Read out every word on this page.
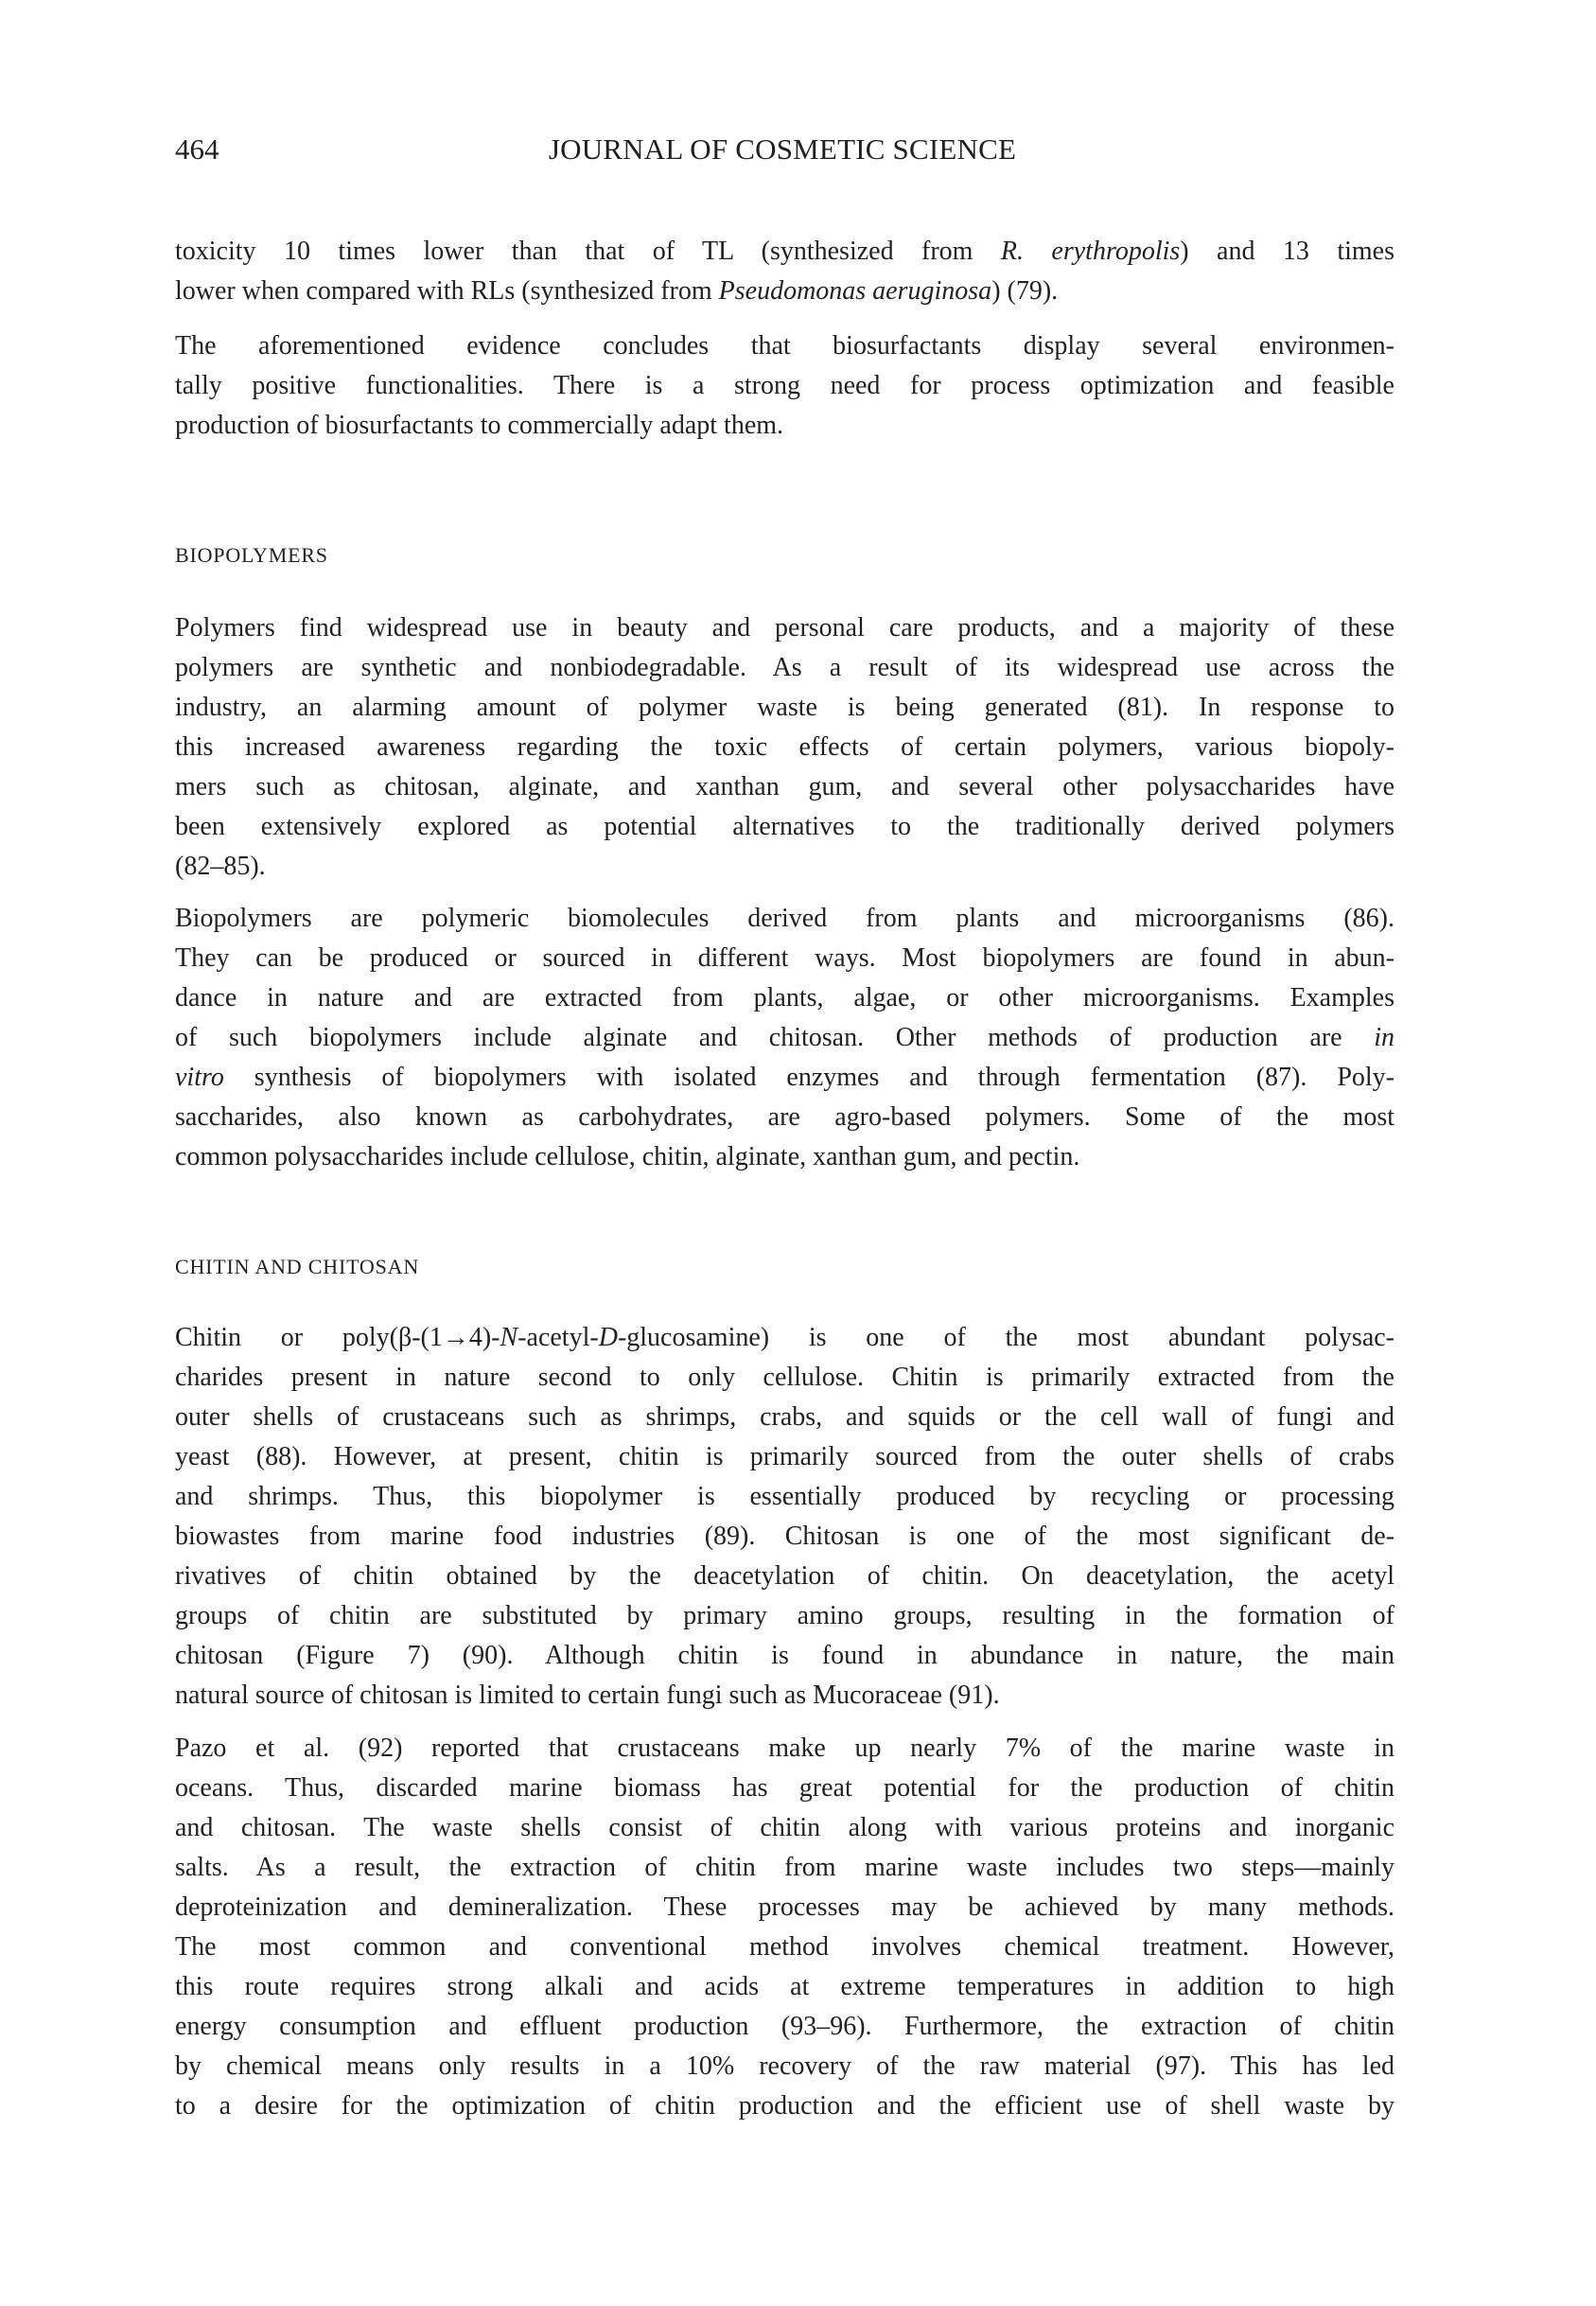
464	JOURNAL OF COSMETIC SCIENCE
toxicity 10 times lower than that of TL (synthesized from R. erythropolis) and 13 times
lower when compared with RLs (synthesized from Pseudomonas aeruginosa) (79).
The aforementioned evidence concludes that biosurfactants display several environmen-
tally positive functionalities. There is a strong need for process optimization and feasible
production of biosurfactants to commercially adapt them.
BIOPOLYMERS
Polymers find widespread use in beauty and personal care products, and a majority of these
polymers are synthetic and nonbiodegradable. As a result of its widespread use across the
industry, an alarming amount of polymer waste is being generated (81). In response to
this increased awareness regarding the toxic effects of certain polymers, various biopoly-
mers such as chitosan, alginate, and xanthan gum, and several other polysaccharides have
been extensively explored as potential alternatives to the traditionally derived polymers
(82–85).
Biopolymers are polymeric biomolecules derived from plants and microorganisms (86).
They can be produced or sourced in different ways. Most biopolymers are found in abun-
dance in nature and are extracted from plants, algae, or other microorganisms. Examples
of such biopolymers include alginate and chitosan. Other methods of production are in
vitro synthesis of biopolymers with isolated enzymes and through fermentation (87). Poly-
saccharides, also known as carbohydrates, are agro-based polymers. Some of the most
common polysaccharides include cellulose, chitin, alginate, xanthan gum, and pectin.
CHITIN AND CHITOSAN
Chitin or poly(β-(1→4)-N-acetyl-D-glucosamine) is one of the most abundant polysac-
charides present in nature second to only cellulose. Chitin is primarily extracted from the
outer shells of crustaceans such as shrimps, crabs, and squids or the cell wall of fungi and
yeast (88). However, at present, chitin is primarily sourced from the outer shells of crabs
and shrimps. Thus, this biopolymer is essentially produced by recycling or processing
biowastes from marine food industries (89). Chitosan is one of the most significant de-
rivatives of chitin obtained by the deacetylation of chitin. On deacetylation, the acetyl
groups of chitin are substituted by primary amino groups, resulting in the formation of
chitosan (Figure 7) (90). Although chitin is found in abundance in nature, the main
natural source of chitosan is limited to certain fungi such as Mucoraceae (91).
Pazo et al. (92) reported that crustaceans make up nearly 7% of the marine waste in
oceans. Thus, discarded marine biomass has great potential for the production of chitin
and chitosan. The waste shells consist of chitin along with various proteins and inorganic
salts. As a result, the extraction of chitin from marine waste includes two steps—mainly
deproteinization and demineralization. These processes may be achieved by many methods.
The most common and conventional method involves chemical treatment. However,
this route requires strong alkali and acids at extreme temperatures in addition to high
energy consumption and effluent production (93–96). Furthermore, the extraction of chitin
by chemical means only results in a 10% recovery of the raw material (97). This has led
to a desire for the optimization of chitin production and the efficient use of shell waste by
